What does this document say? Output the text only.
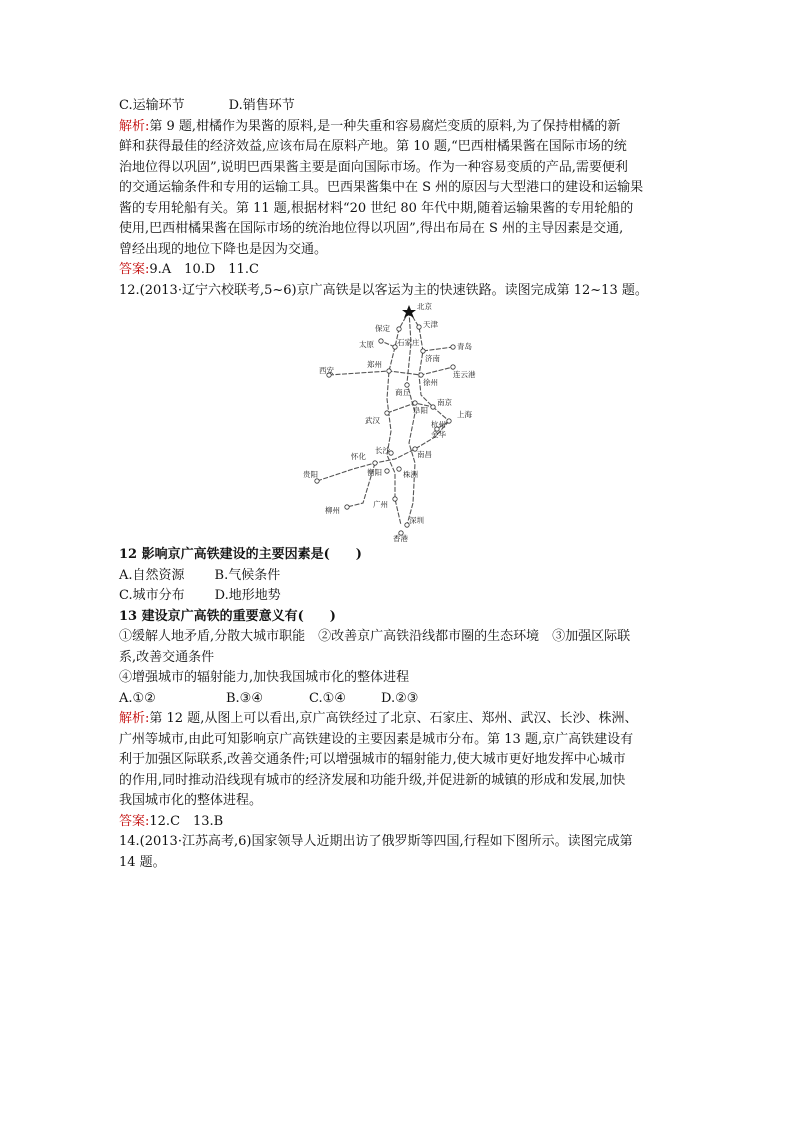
C.运输环节	D.销售环节
解析:第 9 题,柑橘作为果酱的原料,是一种失重和容易腐烂变质的原料,为了保持柑橘的新
鲜和获得最佳的经济效益,应该布局在原料产地。第 10 题,“巴西柑橘果酱在国际市场的统
治地位得以巩固”,说明巴西果酱主要是面向国际市场。作为一种容易变质的产品,需要便利
的交通运输条件和专用的运输工具。巴西果酱集中在 S 州的原因与大型港口的建设和运输果
酱的专用轮船有关。第 11 题,根据材料“20 世纪 80 年代中期,随着运输果酱的专用轮船的
使用,巴西柑橘果酱在国际市场的统治地位得以巩固”,得出布局在 S 州的主导因素是交通,
曾经出现的地位下降也是因为交通。
答案:9.A　10.D　11.C
12.(2013·辽宁六校联考,5~6)京广高铁是以客运为主的快速铁路。读图完成第 12~13 题。
北京
天津
保定
石家庄
太原	青岛
济南
郑州
连云港
西安
商丘
徐州
阜阳
南京
上海
武汉	杭州
金华
南昌
怀化
长沙
贵阳	衡阳	株洲
柳州
广州
深圳
香港
12 影响京广高铁建设的主要因素是(　　)
A.自然资源 B.气候条件
C.城市分布 D.地形地势
13 建设京广高铁的重要意义有(　　)
①缓解人地矛盾,分散大城市职能　②改善京广高铁沿线都市圈的生态环境　③加强区际联
系,改善交通条件
④增强城市的辐射能力,加快我国城市化的整体进程
A.①②	B.③④	C.①④	D.②③
解析:第 12 题,从图上可以看出,京广高铁经过了北京、石家庄、郑州、武汉、长沙、株洲、
广州等城市,由此可知影响京广高铁建设的主要因素是城市分布。第 13 题,京广高铁建设有
利于加强区际联系,改善交通条件;可以增强城市的辐射能力,使大城市更好地发挥中心城市
的作用,同时推动沿线现有城市的经济发展和功能升级,并促进新的城镇的形成和发展,加快
我国城市化的整体进程。
答案:12.C　13.B
14.(2013·江苏高考,6)国家领导人近期出访了俄罗斯等四国,行程如下图所示。读图完成第
14 题。
